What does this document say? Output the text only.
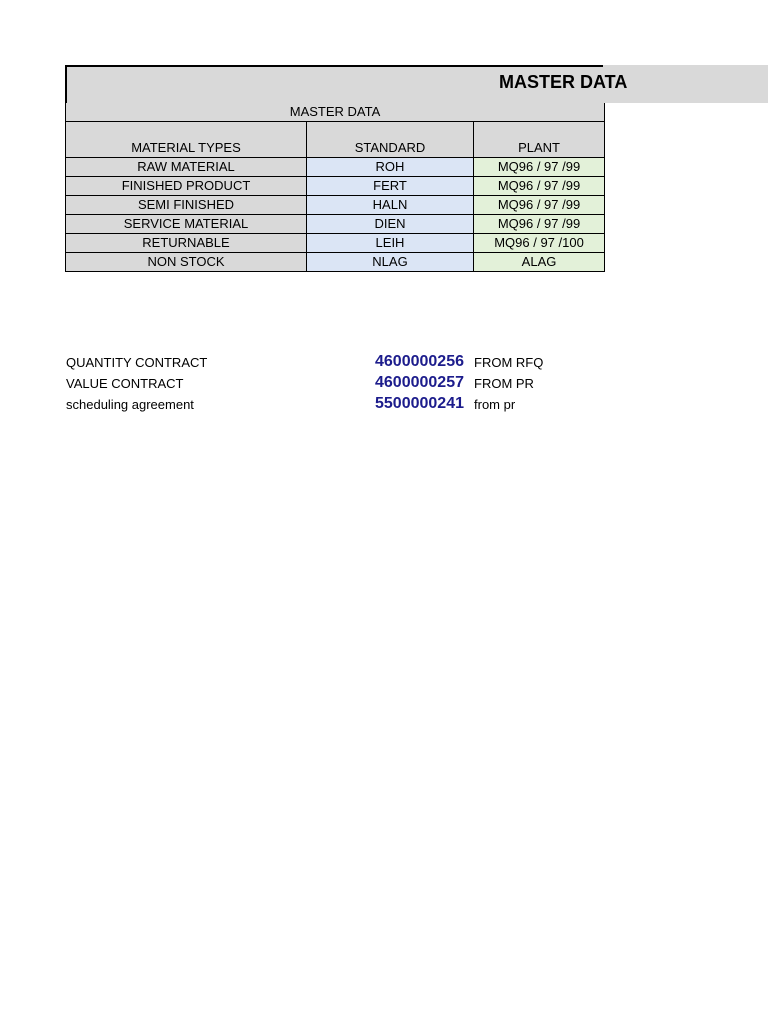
MASTER DATA
MASTER DATA		
MATERIAL TYPES	STANDARD	PLANT
RAW MATERIAL	ROH	MQ96 / 97 /99
FINISHED PRODUCT	FERT	MQ96 / 97 /99
SEMI FINISHED	HALN	MQ96 / 97 /99
SERVICE MATERIAL	DIEN	MQ96 / 97 /99
RETURNABLE	LEIH	MQ96 / 97 /100
NON STOCK	NLAG	ALAG
QUANTITY CONTRACT	4600000256 FROM RFQ
VALUE CONTRACT	4600000257 FROM PR
scheduling agreement	5500000241 from pr
